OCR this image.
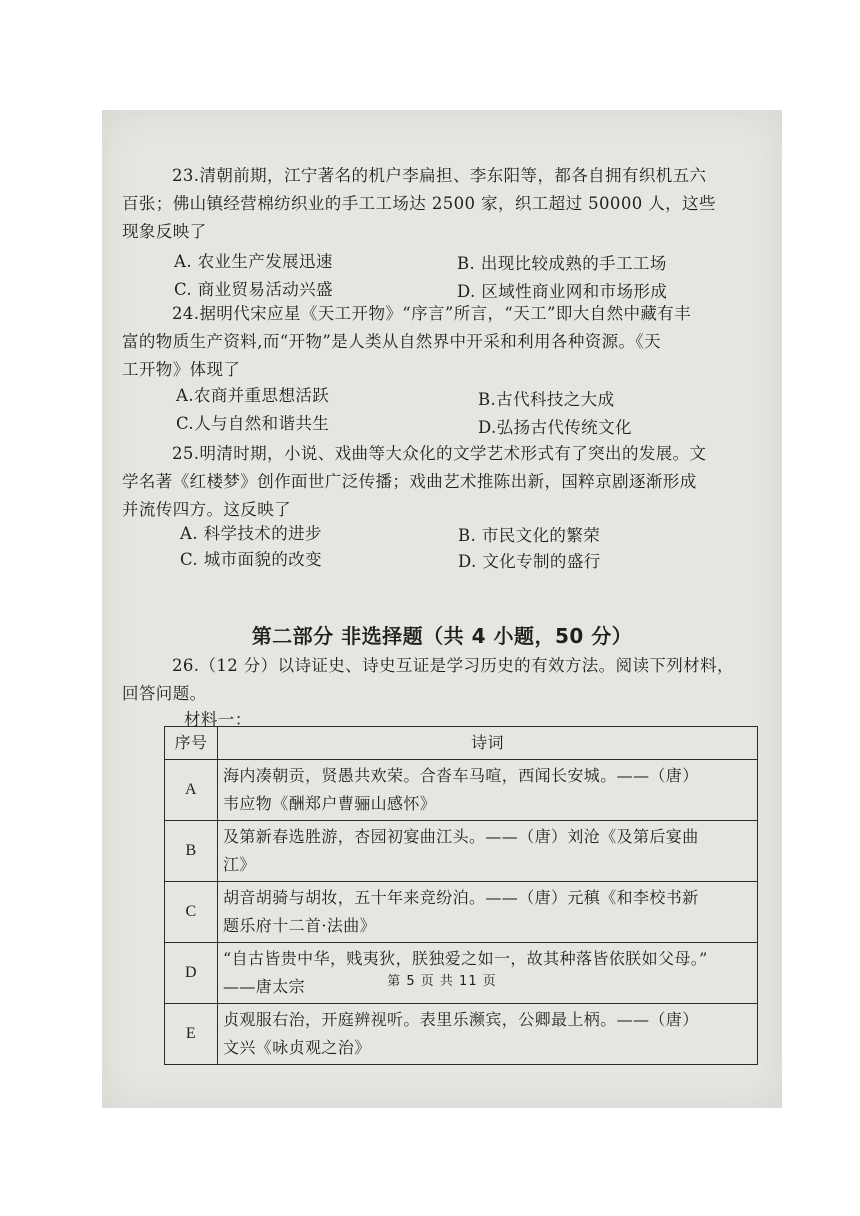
23.清朝前期，江宁著名的机户李扁担、李东阳等，都各自拥有织机五六
百张；佛山镇经营棉纺织业的手工工场达 2500 家，织工超过 50000 人，这些
现象反映了
A. 农业生产发展迅速	B. 出现比较成熟的手工工场
C. 商业贸易活动兴盛	D. 区域性商业网和市场形成
24.据明代宋应星《天工开物》“序言”所言，“天工”即大自然中藏有丰
富的物质生产资料,而“开物”是人类从自然界中开采和利用各种资源。《天
工开物》体现了
A.农商并重思想活跃	B.古代科技之大成
C.人与自然和谐共生	D.弘扬古代传统文化
25.明清时期，小说、戏曲等大众化的文学艺术形式有了突出的发展。文
学名著《红楼梦》创作面世广泛传播；戏曲艺术推陈出新，国粹京剧逐渐形成
并流传四方。这反映了
A. 科学技术的进步	B. 市民文化的繁荣
C. 城市面貌的改变	D. 文化专制的盛行
第二部分 非选择题（共 4 小题，50 分）
26.（12 分）以诗证史、诗史互证是学习历史的有效方法。阅读下列材料，
回答问题。
材料一：
序号	诗词
A	海内凑朝贡，贤愚共欢荣。合沓车马喧，西闻长安城。——（唐）
韦应物《酬郑户曹骊山感怀》

B	及第新春选胜游，杏园初宴曲江头。——（唐）刘沧《及第后宴曲
江》

C	胡音胡骑与胡妆，五十年来竞纷泊。——（唐）元稹《和李校书新
题乐府十二首·法曲》

D	“自古皆贵中华，贱夷狄，朕独爱之如一，故其种落皆依朕如父母。”
——唐太宗

E	贞观服右治，开庭辨视听。表里乐濒宾，公卿最上柄。——（唐）
文兴《咏贞观之治》
第 5 页 共 11 页
